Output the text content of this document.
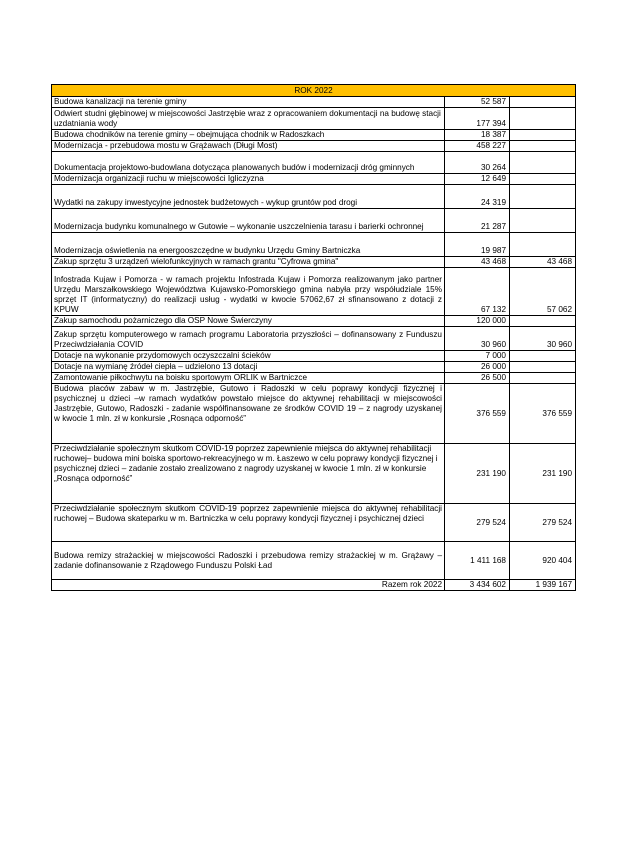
ROK 2022		
Budowa kanalizacji na terenie gminy	52 587	
Odwiert studni głębinowej w miejscowości Jastrzębie wraz z opracowaniem dokumentacji na budowę stacji uzdatniania wody	177 394	
Budowa chodników na terenie gminy – obejmująca chodnik w Radoszkach	18 387	
Modernizacja - przebudowa mostu w Grążawach (Długi Most)	458 227	
Dokumentacja projektowo-budowlana dotycząca planowanych budów i modernizacji dróg gminnych	30 264	
Modernizacja organizacji ruchu w miejscowości Igliczyzna	12 649	
Wydatki na zakupy inwestycyjne jednostek budżetowych - wykup gruntów pod drogi	24 319	
Modernizacja budynku komunalnego w Gutowie – wykonanie uszczelnienia tarasu i barierki ochronnej	21 287	
Modernizacja oświetlenia na energooszczędne w budynku Urzędu Gminy Bartniczka	19 987	
Zakup sprzętu 3 urządzeń wielofunkcyjnych w ramach grantu "Cyfrowa gmina"	43 468	43 468
Infostrada Kujaw i Pomorza - w ramach projektu Infostrada Kujaw i Pomorza realizowanym jako partner Urzędu Marszałkowskiego Województwa Kujawsko-Pomorskiego gmina nabyła przy współudziale 15% sprzęt IT (informatyczny) do realizacji usług - wydatki w kwocie 57062,67 zł sfinansowano z dotacji z KPUW	67 132	57 062
Zakup samochodu pożarniczego dla OSP Nowe Świerczyny	120 000	
Zakup sprzętu komputerowego w ramach programu Laboratoria przyszłości – dofinansowany z Funduszu Przeciwdziałania COVID	30 960	30 960
Dotacje na wykonanie przydomowych oczyszczalni ścieków	7 000	
Dotacje na wymianę źródeł ciepła – udzielono 13 dotacji	26 000	
Zamontowanie piłkochwytu na boisku sportowym ORLIK w Bartniczce	26 500	
Budowa placów zabaw w m. Jastrzębie, Gutowo i Radoszki w celu poprawy kondycji fizycznej i psychicznej u dzieci –w ramach wydatków powstało miejsce do aktywnej rehabilitacji w miejscowości Jastrzębie, Gutowo, Radoszki - zadanie współfinansowane ze środków COVID 19 – z nagrody uzyskanej w kwocie 1 mln. zł w konkursie „Rosnąca odporność”	376 559	376 559
Przeciwdziałanie społecznym skutkom COVID-19 poprzez zapewnienie miejsca do aktywnej rehabilitacji ruchowej– budowa mini boiska sportowo-rekreacyjnego w m. Łaszewo w celu poprawy kondycji fizycznej i psychicznej dzieci – zadanie zostało zrealizowano z nagrody uzyskanej w kwocie 1 mln. zł w konkursie „Rosnąca odporność”	231 190	231 190
Przeciwdziałanie społecznym skutkom COVID-19 poprzez zapewnienie miejsca do aktywnej rehabilitacji ruchowej – Budowa skateparku w m. Bartniczka w celu poprawy kondycji fizycznej i psychicznej dzieci	279 524	279 524
Budowa remizy strażackiej w miejscowości Radoszki i przebudowa remizy strażackiej w m. Grążawy – zadanie dofinansowanie z Rządowego Funduszu Polski Ład	1 411 168	920 404
Razem rok 2022	3 434 602	1 939 167
